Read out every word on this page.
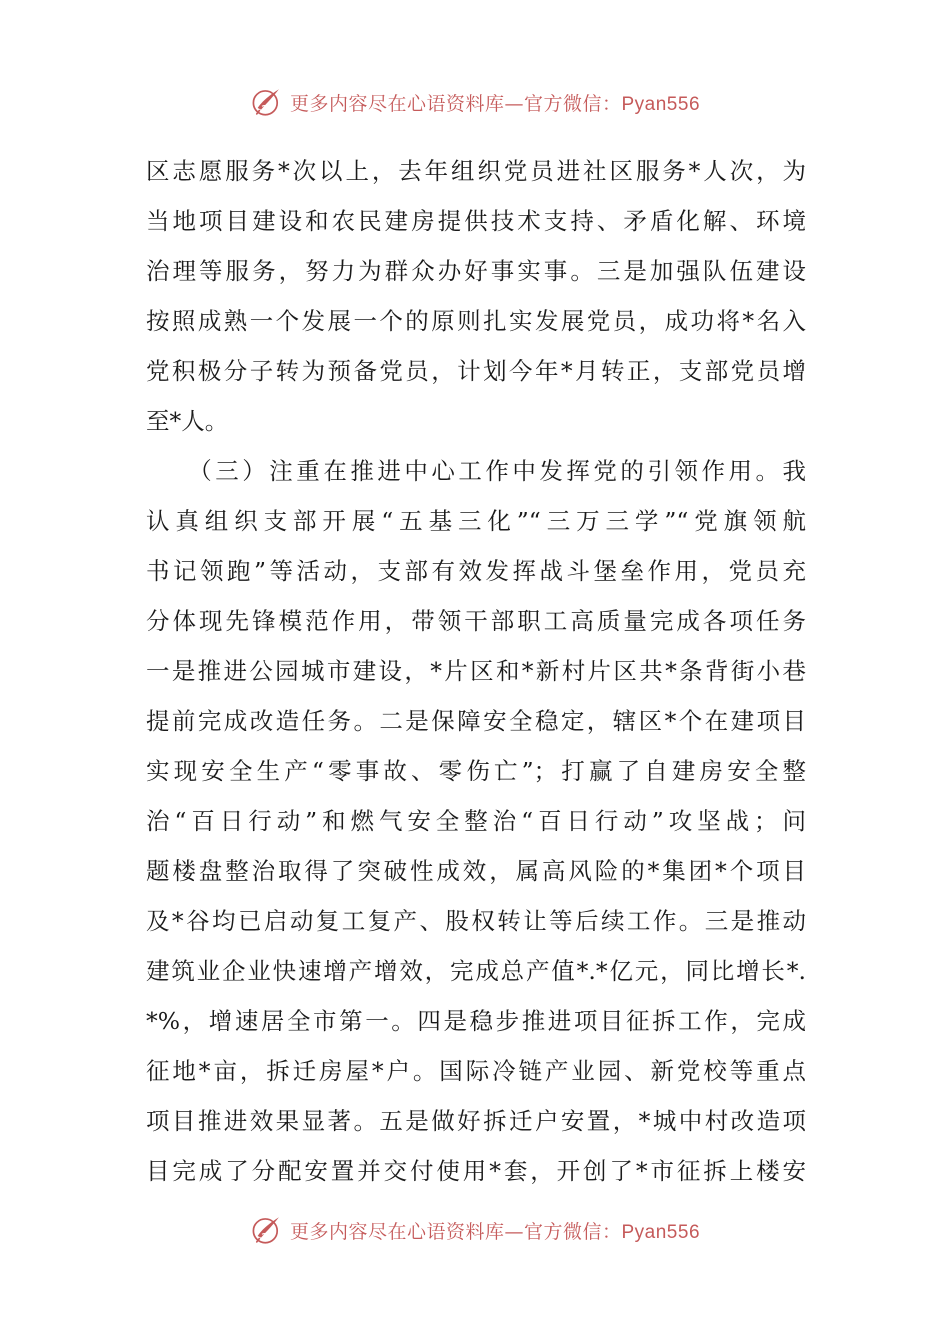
更多内容尽在心语资料库—官方微信：Pyan556
区志愿服务*次以上，去年组织党员进社区服务*人次，为
当地项目建设和农民建房提供技术支持、矛盾化解、环境
治理等服务，努力为群众办好事实事。三是加强队伍建设
按照成熟一个发展一个的原则扎实发展党员，成功将*名入
党积极分子转为预备党员，计划今年*月转正，支部党员增
至*人。
　　（三）注重在推进中心工作中发挥党的引领作用。我
认真组织支部开展“五基三化”“三万三学”“党旗领航
书记领跑”等活动，支部有效发挥战斗堡垒作用，党员充
分体现先锋模范作用，带领干部职工高质量完成各项任务
一是推进公园城市建设，*片区和*新村片区共*条背街小巷
提前完成改造任务。二是保障安全稳定，辖区*个在建项目
实现安全生产“零事故、零伤亡”；打赢了自建房安全整
治“百日行动”和燃气安全整治“百日行动”攻坚战；问
题楼盘整治取得了突破性成效，属高风险的*集团*个项目
及*谷均已启动复工复产、股权转让等后续工作。三是推动
建筑业企业快速增产增效，完成总产值*.*亿元，同比增长*.
*%，增速居全市第一。四是稳步推进项目征拆工作，完成
征地*亩，拆迁房屋*户。国际冷链产业园、新党校等重点
项目推进效果显著。五是做好拆迁户安置，*城中村改造项
目完成了分配安置并交付使用*套，开创了*市征拆上楼安
更多内容尽在心语资料库—官方微信：Pyan556
